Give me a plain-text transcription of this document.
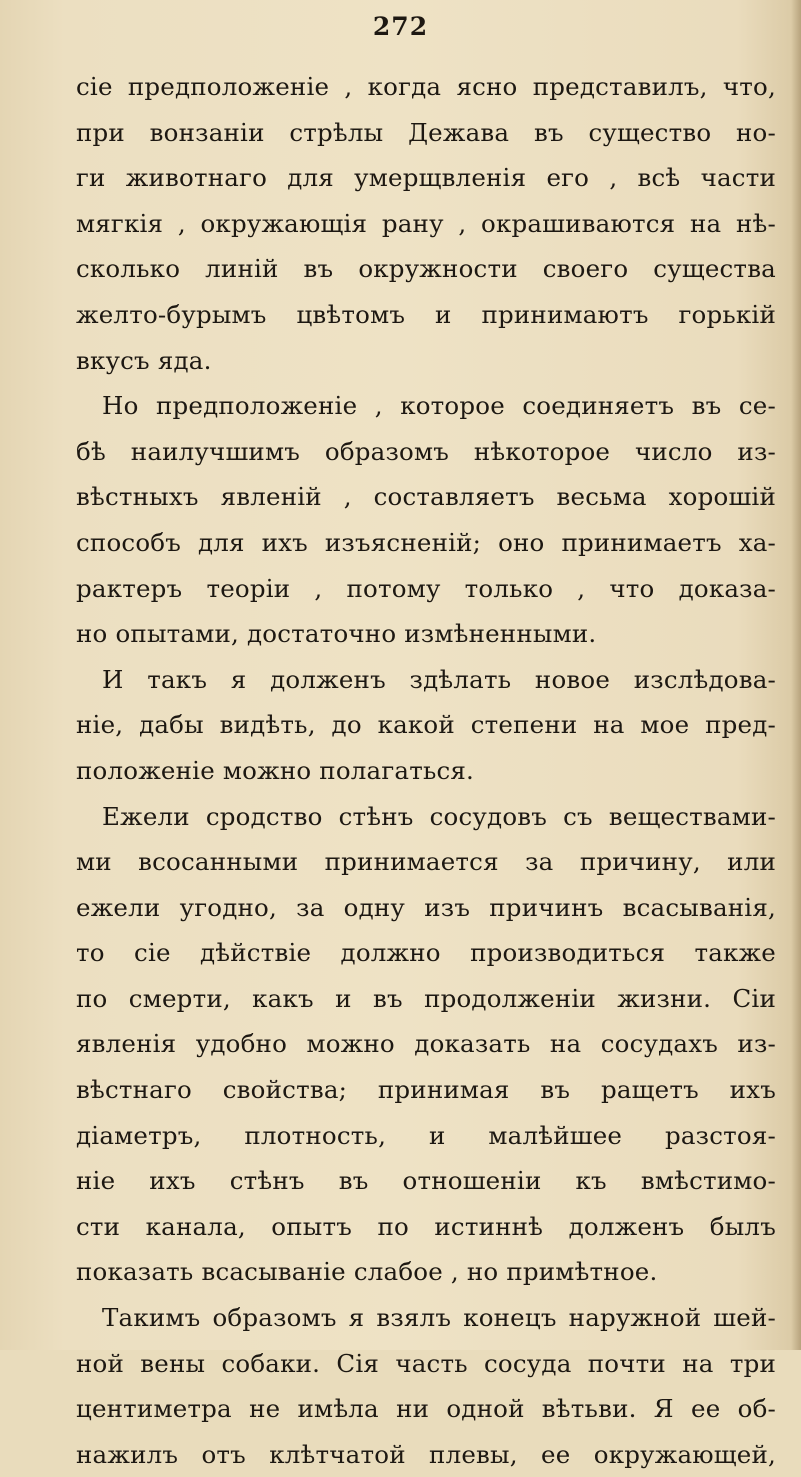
272
сіе предположеніе , когда ясно представилъ, что,
при вонзаніи стрѣлы Дежава въ существо но-
ги животнаго для умерщвленія его , всѣ части
мягкія , окружающія рану , окрашиваются на нѣ-
сколько линій въ окружности своего существа
желто-бурымъ цвѣтомъ и принимаютъ горькій
вкусъ яда.
Но предположеніе , которое соединяетъ въ се-
бѣ наилучшимъ образомъ нѣкоторое число из-
вѣстныхъ явленій , составляетъ весьма хорошій
способъ для ихъ изъясненій; оно принимаетъ ха-
рактеръ теоріи , потому только , что доказа-
но опытами, достаточно измѣненными.
И такъ я долженъ здѣлать новое изслѣдова-
ніе, дабы видѣть, до какой степени на мое пред-
положеніе можно полагаться.
Ежели сродство стѣнъ сосудовъ съ веществами-
ми всосанными принимается за причину, или
ежели угодно, за одну изъ причинъ всасыванія,
то сіе дѣйствіе должно производиться также
по смерти, какъ и въ продолженіи жизни. Сіи
явленія удобно можно доказать на сосудахъ из-
вѣстнаго свойства; принимая въ ращетъ ихъ
діаметръ, плотность, и малѣйшее разстоя-
ніе ихъ стѣнъ въ отношеніи къ вмѣстимо-
сти канала, опытъ по истиннѣ долженъ былъ
показать всасываніе слабое , но примѣтное.
Такимъ образомъ я взялъ конецъ наружной шей-
ной вены собаки. Сія часть сосуда почти на три
центиметра не имѣла ни одной вѣтьви. Я ее об-
нажилъ отъ клѣтчатой плевы, ее окружающей,
